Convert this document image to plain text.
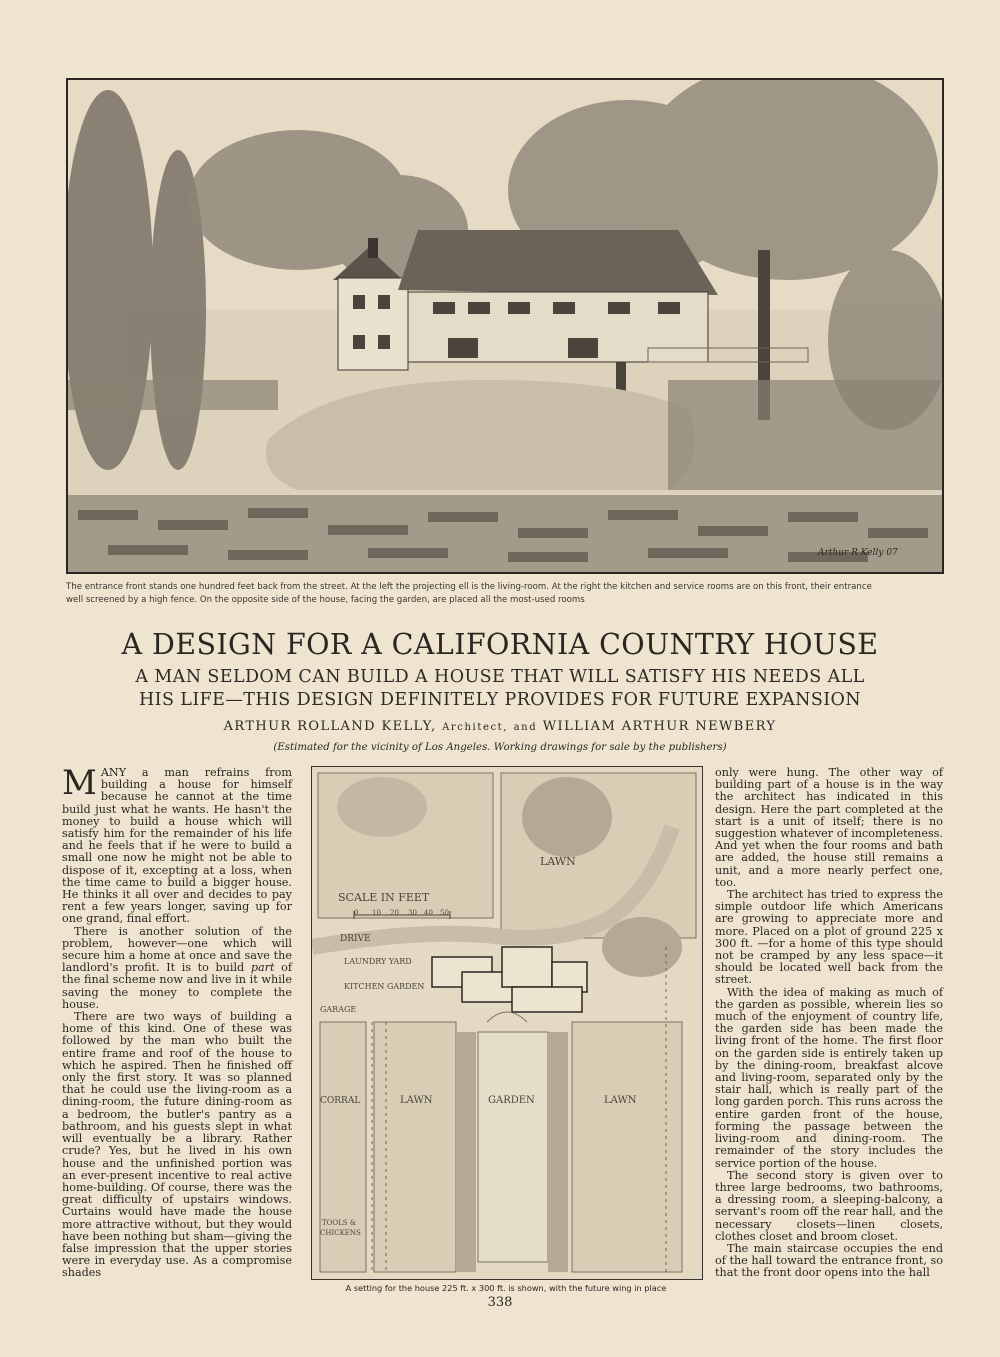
Arthur R Kelly 07
The entrance front stands one hundred feet back from the street. At the left the projecting ell is the living-room. At the right the kitchen and service rooms are on this front, their entrance
well screened by a high fence. On the opposite side of the house, facing the garden, are placed all the most-used rooms
A DESIGN FOR A CALIFORNIA COUNTRY HOUSE
A MAN SELDOM CAN BUILD A HOUSE THAT WILL SATISFY HIS NEEDS ALL
HIS LIFE—THIS DESIGN DEFINITELY PROVIDES FOR FUTURE EXPANSION
ARTHUR ROLLAND KELLY, Architect, and WILLIAM ARTHUR NEWBERY
(Estimated for the vicinity of Los Angeles. Working drawings for sale by the publishers)

MANY a man refrains from building a house for himself because he cannot at the time build just what he wants. He hasn't the money to build a house which will satisfy him for the remainder of his life and he feels that if he were to build a small one now he might not be able to dispose of it, excepting at a loss, when the time came to build a bigger house. He thinks it all over and decides to pay rent a few years longer, saving up for one grand, final effort.

There is another solution of the problem, however—one which will secure him a home at once and save the landlord's profit. It is to build part of the final scheme now and live in it while saving the money to complete the house.

There are two ways of building a home of this kind. One of these was followed by the man who built the entire frame and roof of the house to which he aspired. Then he finished off only the first story. It was so planned that he could use the living-room as a dining-room, the future dining-room as a bedroom, the butler's pantry as a bathroom, and his guests slept in what will eventually be a library. Rather crude? Yes, but he lived in his own house and the unfinished portion was an ever-present incentive to real active home-building. Of course, there was the great difficulty of upstairs windows. Curtains would have made the house more attractive without, but they would have been nothing but sham—giving the false impression that the upper stories were in everyday use. As a compromise shades

LAWN
SCALE IN FEET
0 10 20 30 40 50
DRIVE
LAUNDRY YARD
KITCHEN GARDEN
GARAGE
CORRAL	LAWN	GARDEN	LAWN
TOOLS &
CHICKENS
A setting for the house 225 ft. x 300 ft. is shown, with the future wing in place

only were hung. The other way of building part of a house is in the way the architect has indicated in this design. Here the part completed at the start is a unit of itself; there is no suggestion whatever of incompleteness. And yet when the four rooms and bath are added, the house still remains a unit, and a more nearly perfect one, too.

The architect has tried to express the simple outdoor life which Americans are growing to appreciate more and more. Placed on a plot of ground 225 x 300 ft. —for a home of this type should not be cramped by any less space—it should be located well back from the street.

With the idea of making as much of the garden as possible, wherein lies so much of the enjoyment of country life, the garden side has been made the living front of the home. The first floor on the garden side is entirely taken up by the dining-room, breakfast alcove and living-room, separated only by the stair hall, which is really part of the long garden porch. This runs across the entire garden front of the house, forming the passage between the living-room and dining-room. The remainder of the story includes the service portion of the house.

The second story is given over to three large bedrooms, two bathrooms, a dressing room, a sleeping-balcony, a servant's room off the rear hall, and the necessary closets—linen closets, clothes closet and broom closet.

The main staircase occupies the end of the hall toward the entrance front, so that the front door opens into the hall

338
